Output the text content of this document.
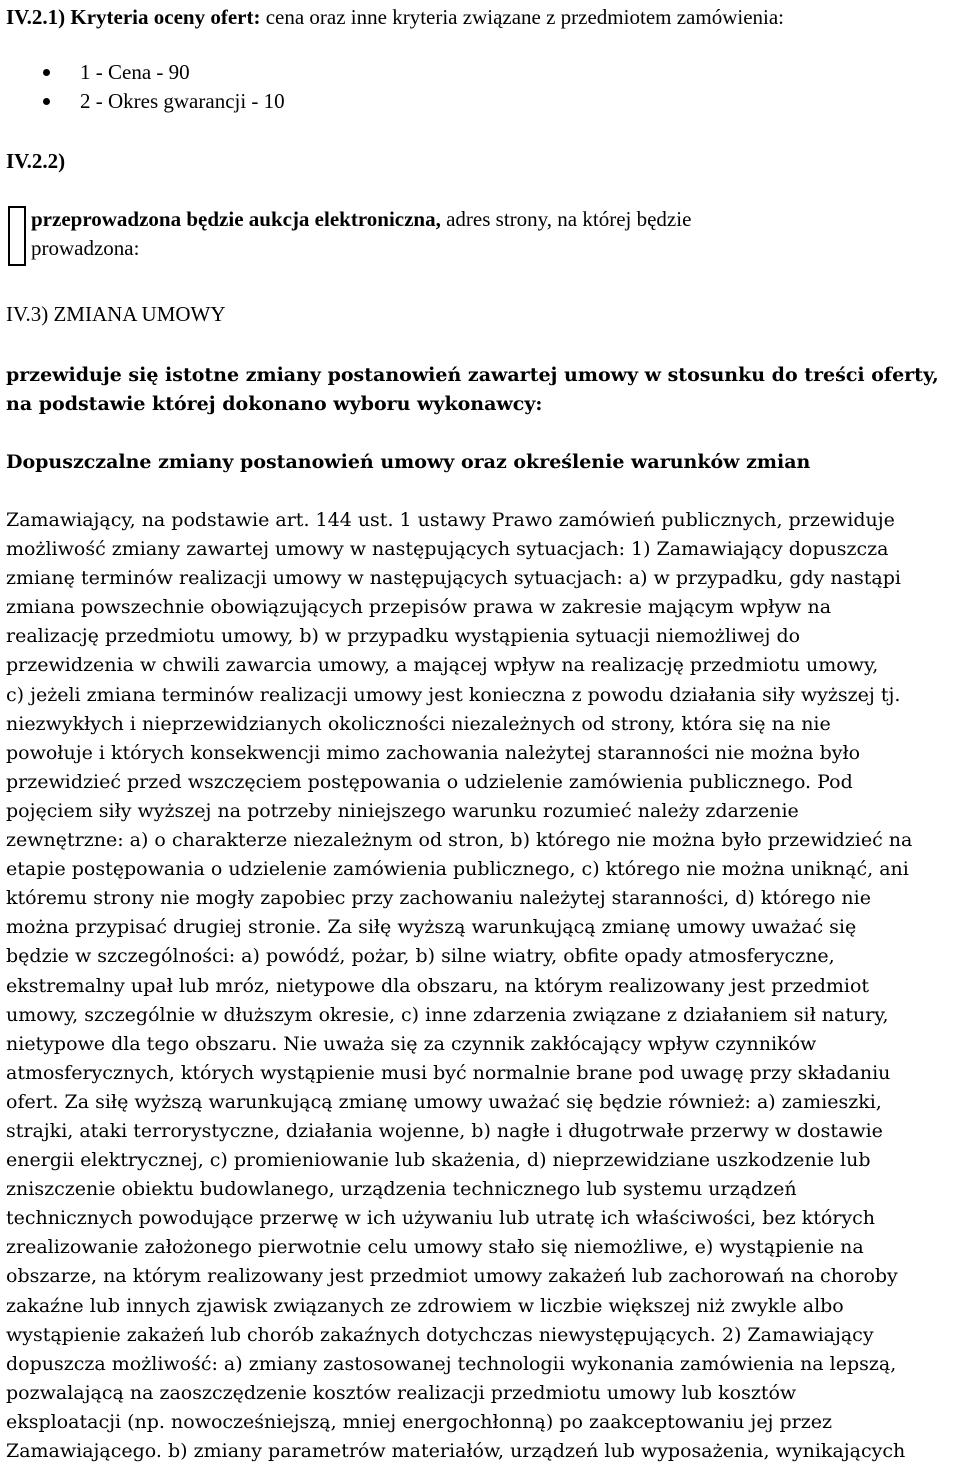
IV.2.1) Kryteria oceny ofert: cena oraz inne kryteria związane z przedmiotem zamówienia:
1 - Cena - 90
2 - Okres gwarancji - 10
IV.2.2)
przeprowadzona będzie aukcja elektroniczna, adres strony, na której będzie
prowadzona:
IV.3) ZMIANA UMOWY
przewiduje się istotne zmiany postanowień zawartej umowy w stosunku do treści oferty,
na podstawie której dokonano wyboru wykonawcy:
Dopuszczalne zmiany postanowień umowy oraz określenie warunków zmian
Zamawiający, na podstawie art. 144 ust. 1 ustawy Prawo zamówień publicznych, przewiduje
możliwość zmiany zawartej umowy w następujących sytuacjach: 1) Zamawiający dopuszcza
zmianę terminów realizacji umowy w następujących sytuacjach: a) w przypadku, gdy nastąpi
zmiana powszechnie obowiązujących przepisów prawa w zakresie mającym wpływ na
realizację przedmiotu umowy, b) w przypadku wystąpienia sytuacji niemożliwej do
przewidzenia w chwili zawarcia umowy, a mającej wpływ na realizację przedmiotu umowy,
c) jeżeli zmiana terminów realizacji umowy jest konieczna z powodu działania siły wyższej tj.
niezwykłych i nieprzewidzianych okoliczności niezależnych od strony, która się na nie
powołuje i których konsekwencji mimo zachowania należytej staranności nie można było
przewidzieć przed wszczęciem postępowania o udzielenie zamówienia publicznego. Pod
pojęciem siły wyższej na potrzeby niniejszego warunku rozumieć należy zdarzenie
zewnętrzne: a) o charakterze niezależnym od stron, b) którego nie można było przewidzieć na
etapie postępowania o udzielenie zamówienia publicznego, c) którego nie można uniknąć, ani
któremu strony nie mogły zapobiec przy zachowaniu należytej staranności, d) którego nie
można przypisać drugiej stronie. Za siłę wyższą warunkującą zmianę umowy uważać się
będzie w szczególności: a) powódź, pożar, b) silne wiatry, obfite opady atmosferyczne,
ekstremalny upał lub mróz, nietypowe dla obszaru, na którym realizowany jest przedmiot
umowy, szczególnie w dłuższym okresie, c) inne zdarzenia związane z działaniem sił natury,
nietypowe dla tego obszaru. Nie uważa się za czynnik zakłócający wpływ czynników
atmosferycznych, których wystąpienie musi być normalnie brane pod uwagę przy składaniu
ofert. Za siłę wyższą warunkującą zmianę umowy uważać się będzie również: a) zamieszki,
strajki, ataki terrorystyczne, działania wojenne, b) nagłe i długotrwałe przerwy w dostawie
energii elektrycznej, c) promieniowanie lub skażenia, d) nieprzewidziane uszkodzenie lub
zniszczenie obiektu budowlanego, urządzenia technicznego lub systemu urządzeń
technicznych powodujące przerwę w ich używaniu lub utratę ich właściwości, bez których
zrealizowanie założonego pierwotnie celu umowy stało się niemożliwe, e) wystąpienie na
obszarze, na którym realizowany jest przedmiot umowy zakażeń lub zachorowań na choroby
zakaźne lub innych zjawisk związanych ze zdrowiem w liczbie większej niż zwykle albo
wystąpienie zakażeń lub chorób zakaźnych dotychczas niewystępujących. 2) Zamawiający
dopuszcza możliwość: a) zmiany zastosowanej technologii wykonania zamówienia na lepszą,
pozwalającą na zaoszczędzenie kosztów realizacji przedmiotu umowy lub kosztów
eksploatacji (np. nowocześniejszą, mniej energochłonną) po zaakceptowaniu jej przez
Zamawiającego. b) zmiany parametrów materiałów, urządzeń lub wyposażenia, wynikających
